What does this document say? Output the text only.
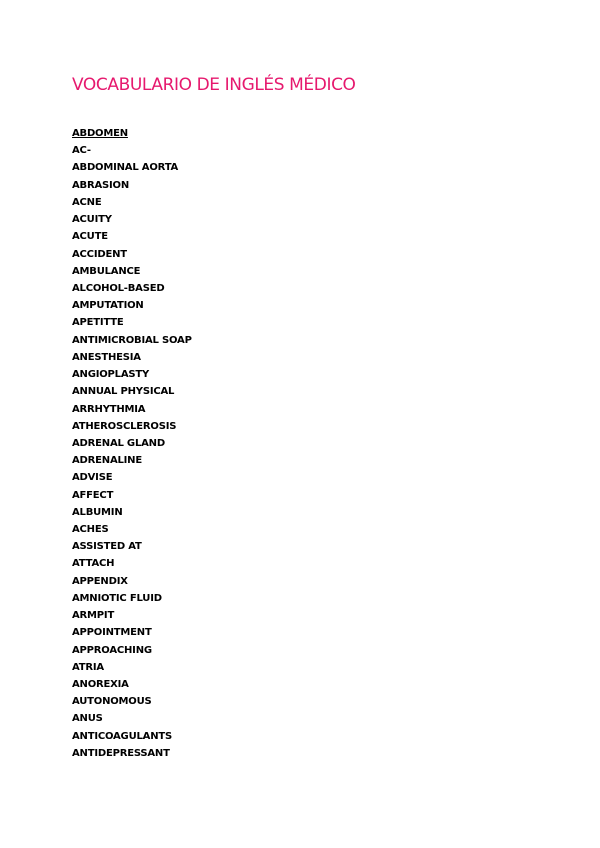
VOCABULARIO DE INGLÉS MÉDICO
ABDOMEN
AC-
ABDOMINAL AORTA
ABRASION
ACNE
ACUITY
ACUTE
ACCIDENT
AMBULANCE
ALCOHOL-BASED
AMPUTATION
APETITTE
ANTIMICROBIAL SOAP
ANESTHESIA
ANGIOPLASTY
ANNUAL PHYSICAL
ARRHYTHMIA
ATHEROSCLEROSIS
ADRENAL GLAND
ADRENALINE
ADVISE
AFFECT
ALBUMIN
ACHES
ASSISTED AT
ATTACH
APPENDIX
AMNIOTIC FLUID
ARMPIT
APPOINTMENT
APPROACHING
ATRIA
ANOREXIA
AUTONOMOUS
ANUS
ANTICOAGULANTS
ANTIDEPRESSANT
